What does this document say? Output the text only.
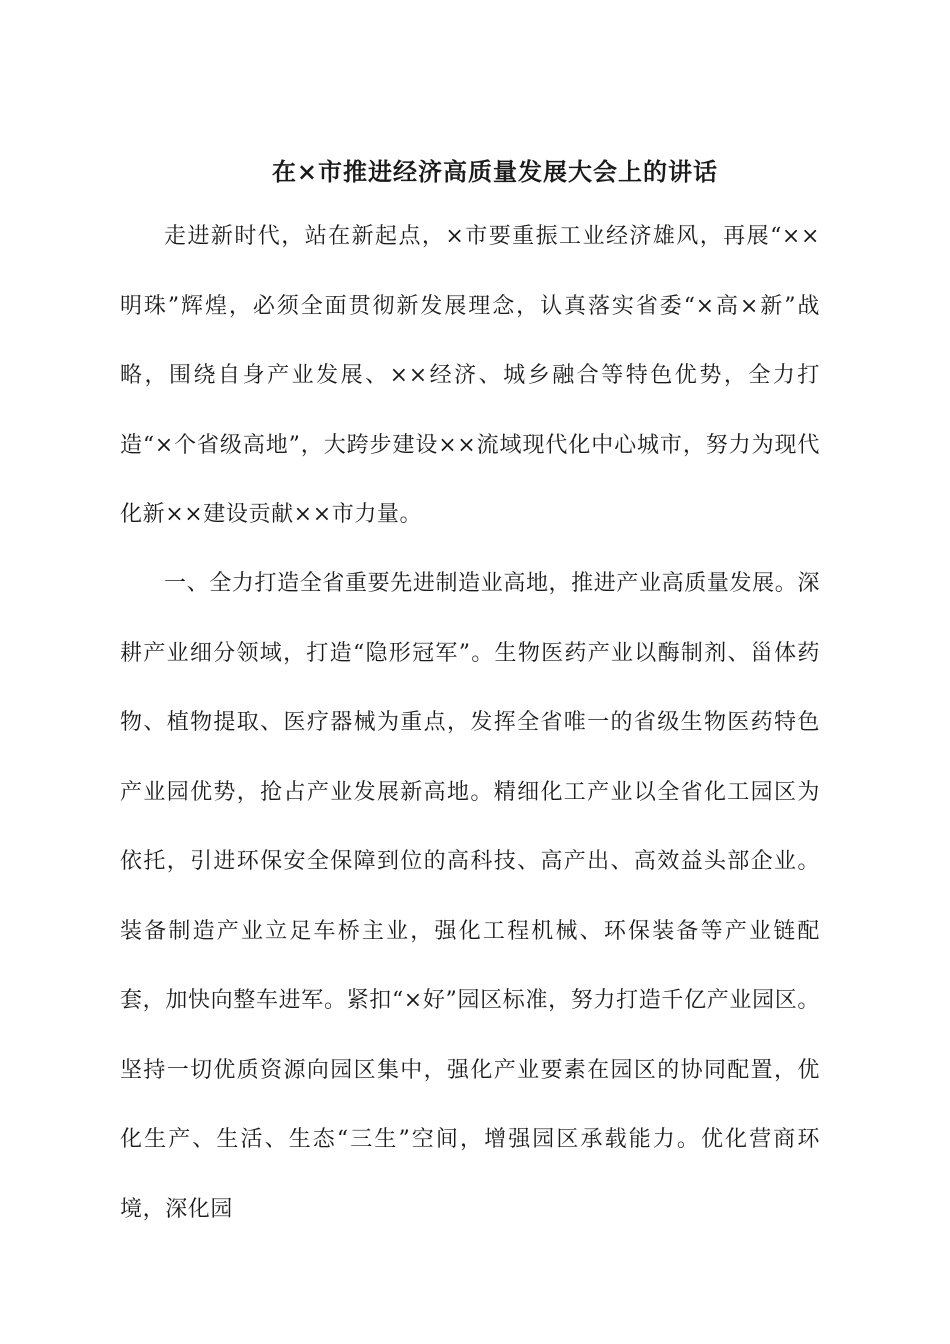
在×市推进经济高质量发展大会上的讲话

走进新时代，站在新起点，×市要重振工业经济雄风，再展“××明珠”辉煌，必须全面贯彻新发展理念，认真落实省委“×高×新”战略，围绕自身产业发展、××经济、城乡融合等特色优势，全力打造“×个省级高地”，大跨步建设××流域现代化中心城市，努力为现代化新××建设贡献××市力量。

一、全力打造全省重要先进制造业高地，推进产业高质量发展。深耕产业细分领域，打造“隐形冠军”。生物医药产业以酶制剂、甾体药物、植物提取、医疗器械为重点，发挥全省唯一的省级生物医药特色产业园优势，抢占产业发展新高地。精细化工产业以全省化工园区为依托，引进环保安全保障到位的高科技、高产出、高效益头部企业。装备制造产业立足车桥主业，强化工程机械、环保装备等产业链配套，加快向整车进军。紧扣“×好”园区标准，努力打造千亿产业园区。坚持一切优质资源向园区集中，强化产业要素在园区的协同配置，优化生产、生活、生态“三生”空间，增强园区承载能力。优化营商环境，深化园
